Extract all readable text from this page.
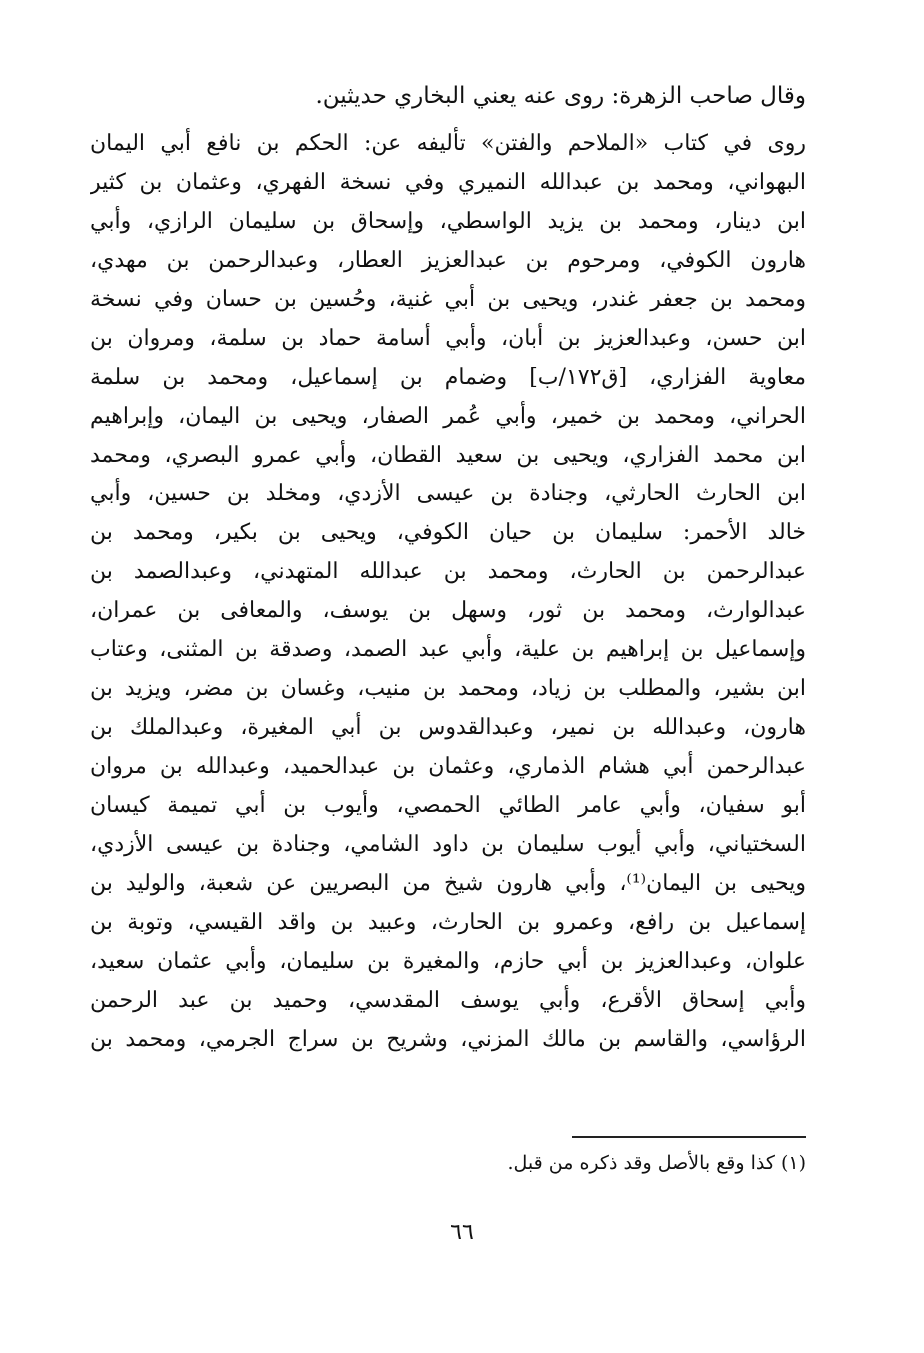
وقال صاحب الزهرة: روى عنه يعني البخاري حديثين.
روى في كتاب «الملاحم والفتن» تأليفه عن: الحكم بن نافع أبي اليمان
البهواني، ومحمد بن عبدالله النميري وفي نسخة الفهري، وعثمان بن كثير
ابن دينار، ومحمد بن يزيد الواسطي، وإسحاق بن سليمان الرازي، وأبي
هارون الكوفي، ومرحوم بن عبدالعزيز العطار، وعبدالرحمن بن مهدي،
ومحمد بن جعفر غندر، ويحيى بن أبي غنية، وحُسين بن حسان وفي نسخة
ابن حسن، وعبدالعزيز بن أبان، وأبي أسامة حماد بن سلمة، ومروان بن
معاوية الفزاري، [ق١٧٢/ب] وضمام بن إسماعيل، ومحمد بن سلمة
الحراني، ومحمد بن خمير، وأبي عُمر الصفار، ويحيى بن اليمان، وإبراهيم
ابن محمد الفزاري، ويحيى بن سعيد القطان، وأبي عمرو البصري، ومحمد
ابن الحارث الحارثي، وجنادة بن عيسى الأزدي، ومخلد بن حسين، وأبي
خالد الأحمر: سليمان بن حيان الكوفي، ويحيى بن بكير، ومحمد بن
عبدالرحمن بن الحارث، ومحمد بن عبدالله المتهدني، وعبدالصمد بن
عبدالوارث، ومحمد بن ثور، وسهل بن يوسف، والمعافى بن عمران،
وإسماعيل بن إبراهيم بن علية، وأبي عبد الصمد، وصدقة بن المثنى، وعتاب
ابن بشير، والمطلب بن زياد، ومحمد بن منيب، وغسان بن مضر، ويزيد بن
هارون، وعبدالله بن نمير، وعبدالقدوس بن أبي المغيرة، وعبدالملك بن
عبدالرحمن أبي هشام الذماري، وعثمان بن عبدالحميد، وعبدالله بن مروان
أبو سفيان، وأبي عامر الطائي الحمصي، وأيوب بن أبي تميمة كيسان
السختياني، وأبي أيوب سليمان بن داود الشامي، وجنادة بن عيسى الأزدي،
ويحيى بن اليمان⁽¹⁾، وأبي هارون شيخ من البصريين عن شعبة، والوليد بن
إسماعيل بن رافع، وعمرو بن الحارث، وعبيد بن واقد القيسي، وتوبة بن
علوان، وعبدالعزيز بن أبي حازم، والمغيرة بن سليمان، وأبي عثمان سعيد،
وأبي إسحاق الأقرع، وأبي يوسف المقدسي، وحميد بن عبد الرحمن
الرؤاسي، والقاسم بن مالك المزني، وشريح بن سراج الجرمي، ومحمد بن
(١) كذا وقع بالأصل وقد ذكره من قبل.
٦٦
